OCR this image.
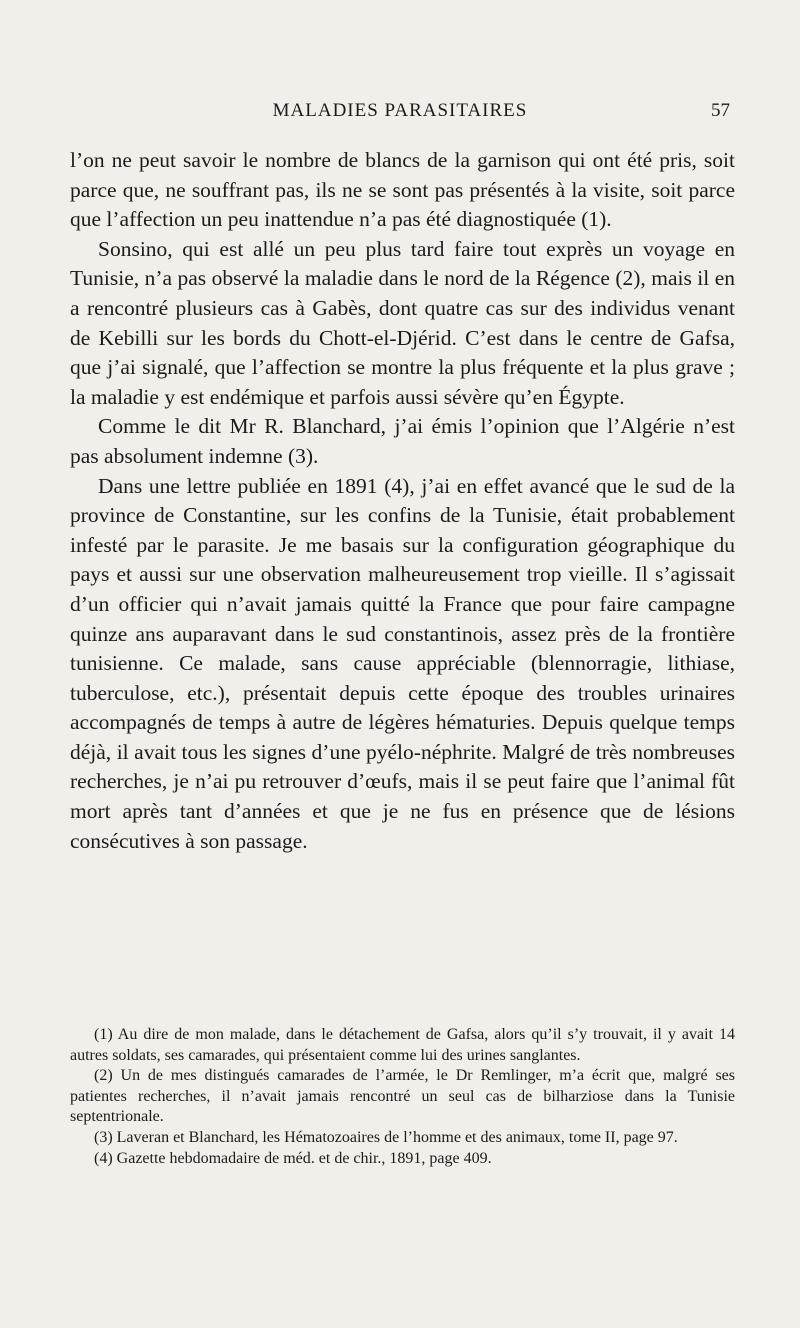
MALADIES PARASITAIRES	57

l’on ne peut savoir le nombre de blancs de la garnison qui ont été pris, soit parce que, ne souffrant pas, ils ne se sont pas présentés à la visite, soit parce que l’affection un peu inattendue n’a pas été diagnostiquée (1).

Sonsino, qui est allé un peu plus tard faire tout exprès un voyage en Tunisie, n’a pas observé la maladie dans le nord de la Régence (2), mais il en a rencontré plusieurs cas à Gabès, dont quatre cas sur des individus venant de Kebilli sur les bords du Chott-el-Djérid. C’est dans le centre de Gafsa, que j’ai signalé, que l’affection se montre la plus fréquente et la plus grave ; la maladie y est endémique et parfois aussi sévère qu’en Égypte.

Comme le dit Mr R. Blanchard, j’ai émis l’opinion que l’Algérie n’est pas absolument indemne (3).

Dans une lettre publiée en 1891 (4), j’ai en effet avancé que le sud de la province de Constantine, sur les confins de la Tunisie, était probablement infesté par le parasite. Je me basais sur la configuration géographique du pays et aussi sur une observation malheureusement trop vieille. Il s’agissait d’un officier qui n’avait jamais quitté la France que pour faire campagne quinze ans auparavant dans le sud constantinois, assez près de la frontière tunisienne. Ce malade, sans cause appréciable (blennorragie, lithiase, tuberculose, etc.), présentait depuis cette époque des troubles urinaires accompagnés de temps à autre de légères hématuries. Depuis quelque temps déjà, il avait tous les signes d’une pyélo-néphrite. Malgré de très nombreuses recherches, je n’ai pu retrouver d’œufs, mais il se peut faire que l’animal fût mort après tant d’années et que je ne fus en présence que de lésions consécutives à son passage.

(1) Au dire de mon malade, dans le détachement de Gafsa, alors qu’il s’y trouvait, il y avait 14 autres soldats, ses camarades, qui présentaient comme lui des urines sanglantes.

(2) Un de mes distingués camarades de l’armée, le Dr Remlinger, m’a écrit que, malgré ses patientes recherches, il n’avait jamais rencontré un seul cas de bilharziose dans la Tunisie septentrionale.

(3) Laveran et Blanchard, les Hématozoaires de l’homme et des animaux, tome II, page 97.

(4) Gazette hebdomadaire de méd. et de chir., 1891, page 409.
